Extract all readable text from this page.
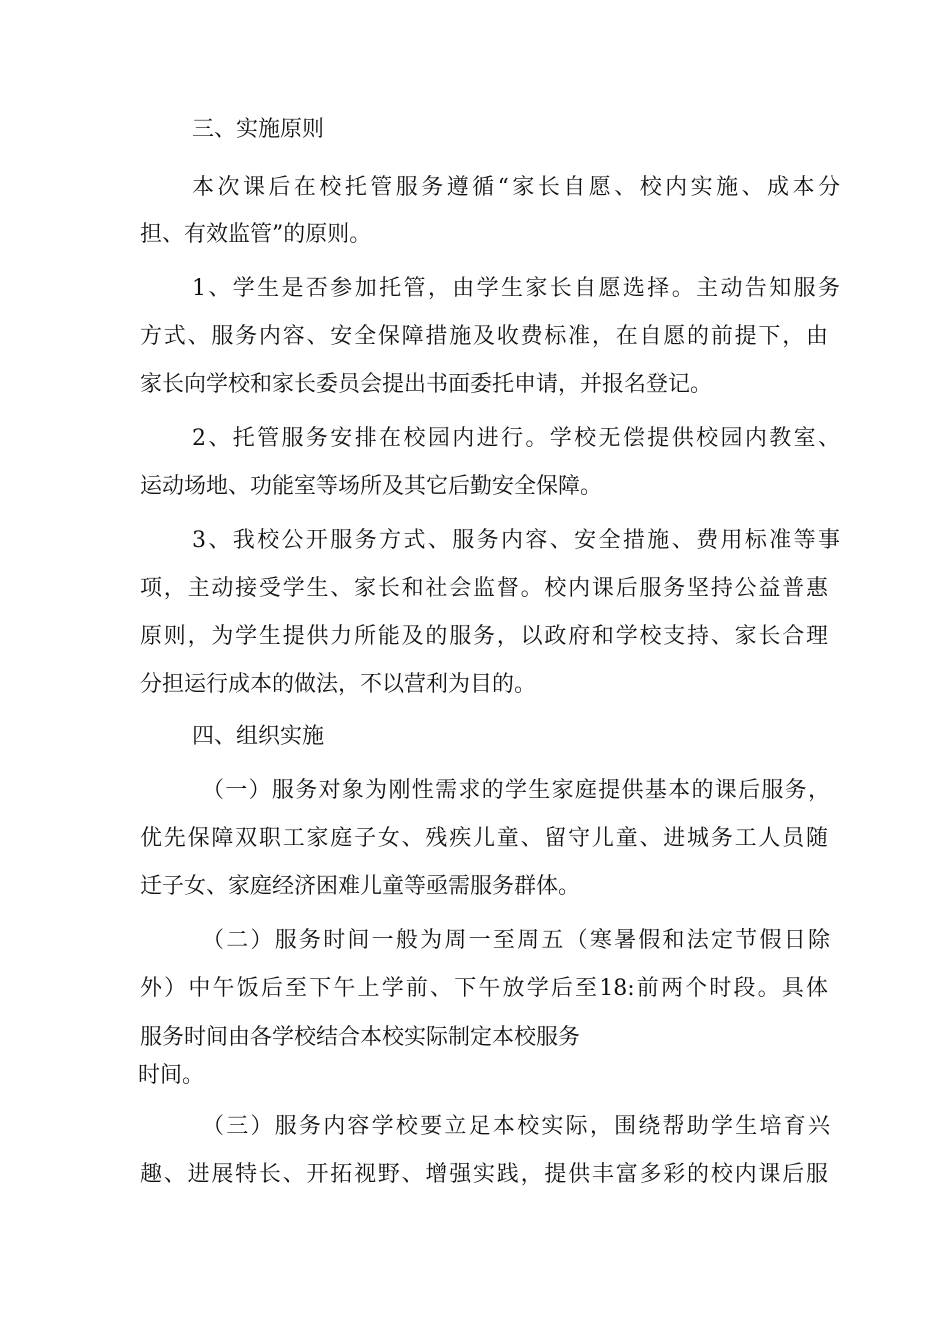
三、实施原则
本次课后在校托管服务遵循“家长自愿、校内实施、成本分
担、有效监管”的原则。
1、学生是否参加托管，由学生家长自愿选择。主动告知服务
方式、服务内容、安全保障措施及收费标准，在自愿的前提下，由
家长向学校和家长委员会提出书面委托申请，并报名登记。
2、托管服务安排在校园内进行。学校无偿提供校园内教室、
运动场地、功能室等场所及其它后勤安全保障。
3、我校公开服务方式、服务内容、安全措施、费用标准等事
项，主动接受学生、家长和社会监督。校内课后服务坚持公益普惠
原则，为学生提供力所能及的服务，以政府和学校支持、家长合理
分担运行成本的做法，不以营利为目的。
四、组织实施
（一）服务对象为刚性需求的学生家庭提供基本的课后服务，
优先保障双职工家庭子女、残疾儿童、留守儿童、进城务工人员随
迁子女、家庭经济困难儿童等亟需服务群体。
（二）服务时间一般为周一至周五（寒暑假和法定节假日除
外）中午饭后至下午上学前、下午放学后至18:前两个时段。具体
服务时间由各学校结合本校实际制定本校服务
时间。
（三）服务内容学校要立足本校实际，围绕帮助学生培育兴
趣、进展特长、开拓视野、增强实践，提供丰富多彩的校内课后服
